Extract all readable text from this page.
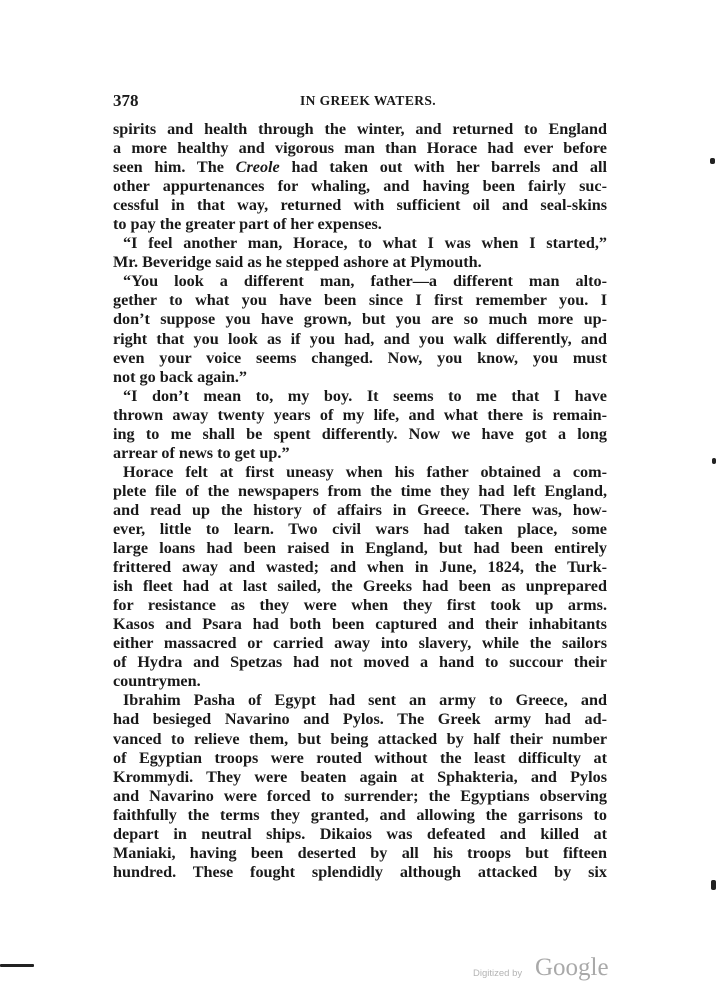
378	IN GREEK WATERS.
spirits and health through the winter, and returned to England
a more healthy and vigorous man than Horace had ever before
seen him. The Creole had taken out with her barrels and all
other appurtenances for whaling, and having been fairly suc-
cessful in that way, returned with sufficient oil and seal-skins
to pay the greater part of her expenses.
“I feel another man, Horace, to what I was when I started,”
Mr. Beveridge said as he stepped ashore at Plymouth.
“You look a different man, father—a different man alto-
gether to what you have been since I first remember you. I
don’t suppose you have grown, but you are so much more up-
right that you look as if you had, and you walk differently, and
even your voice seems changed. Now, you know, you must
not go back again.”
“I don’t mean to, my boy. It seems to me that I have
thrown away twenty years of my life, and what there is remain-
ing to me shall be spent differently. Now we have got a long
arrear of news to get up.”
Horace felt at first uneasy when his father obtained a com-
plete file of the newspapers from the time they had left England,
and read up the history of affairs in Greece. There was, how-
ever, little to learn. Two civil wars had taken place, some
large loans had been raised in England, but had been entirely
frittered away and wasted; and when in June, 1824, the Turk-
ish fleet had at last sailed, the Greeks had been as unprepared
for resistance as they were when they first took up arms.
Kasos and Psara had both been captured and their inhabitants
either massacred or carried away into slavery, while the sailors
of Hydra and Spetzas had not moved a hand to succour their
countrymen.
Ibrahim Pasha of Egypt had sent an army to Greece, and
had besieged Navarino and Pylos. The Greek army had ad-
vanced to relieve them, but being attacked by half their number
of Egyptian troops were routed without the least difficulty at
Krommydi. They were beaten again at Sphakteria, and Pylos
and Navarino were forced to surrender; the Egyptians observing
faithfully the terms they granted, and allowing the garrisons to
depart in neutral ships. Dikaios was defeated and killed at
Maniaki, having been deserted by all his troops but fifteen
hundred. These fought splendidly although attacked by six
Digitized by Google
